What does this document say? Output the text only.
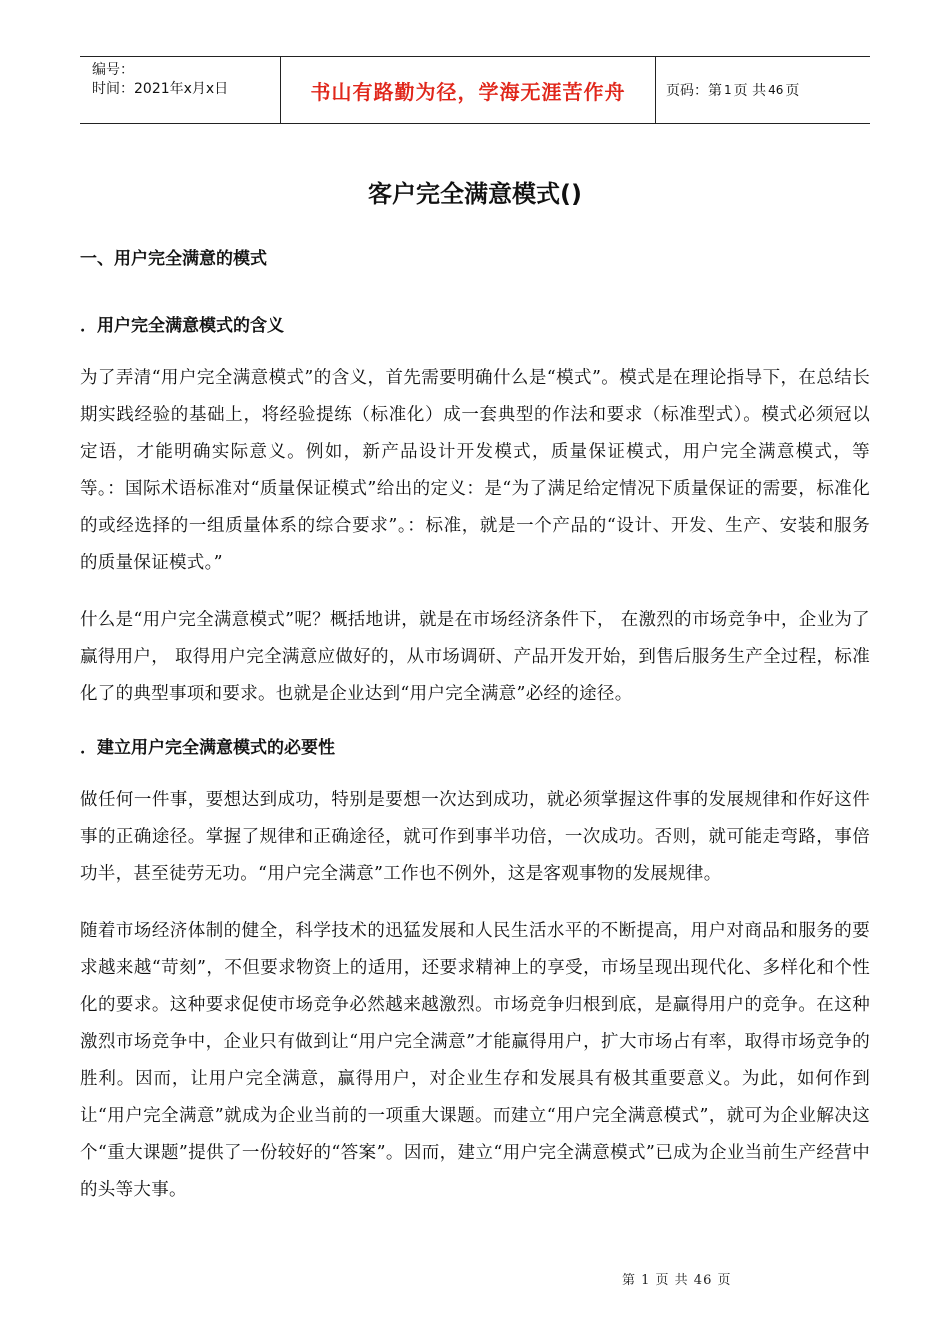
编号：
时间：2021年x月x日	书山有路勤为径，学海无涯苦作舟	页码：第 1 页 共 46 页
客户完全满意模式()

一、用户完全满意的模式

．用户完全满意模式的含义

为了弄清“用户完全满意模式”的含义，首先需要明确什么是“模式”。模式是在理论指导下，在总结长期实践经验的基础上，将经验提练（标准化）成一套典型的作法和要求（标准型式）。模式必须冠以定语，才能明确实际意义。例如，新产品设计开发模式，质量保证模式，用户完全满意模式，等等。：国际术语标准对“质量保证模式”给出的定义：是“为了满足给定情况下质量保证的需要，标准化的或经选择的一组质量体系的综合要求”。：标准，就是一个产品的“设计、开发、生产、安装和服务的质量保证模式。”

什么是“用户完全满意模式”呢？概括地讲，就是在市场经济条件下， 在激烈的市场竞争中，企业为了赢得用户， 取得用户完全满意应做好的，从市场调研、产品开发开始，到售后服务生产全过程，标准化了的典型事项和要求。也就是企业达到“用户完全满意”必经的途径。

．建立用户完全满意模式的必要性

做任何一件事，要想达到成功，特别是要想一次达到成功，就必须掌握这件事的发展规律和作好这件事的正确途径。掌握了规律和正确途径，就可作到事半功倍，一次成功。否则，就可能走弯路，事倍功半，甚至徒劳无功。“用户完全满意”工作也不例外，这是客观事物的发展规律。

随着市场经济体制的健全，科学技术的迅猛发展和人民生活水平的不断提高，用户对商品和服务的要求越来越“苛刻”，不但要求物资上的适用，还要求精神上的享受，市场呈现出现代化、多样化和个性化的要求。这种要求促使市场竞争必然越来越激烈。市场竞争归根到底，是赢得用户的竞争。在这种激烈市场竞争中，企业只有做到让“用户完全满意”才能赢得用户，扩大市场占有率，取得市场竞争的胜利。因而，让用户完全满意，赢得用户，对企业生存和发展具有极其重要意义。为此，如何作到让“用户完全满意”就成为企业当前的一项重大课题。而建立“用户完全满意模式”，就可为企业解决这个“重大课题”提供了一份较好的“答案”。因而，建立“用户完全满意模式”已成为企业当前生产经营中的头等大事。

第 1 页 共 46 页
